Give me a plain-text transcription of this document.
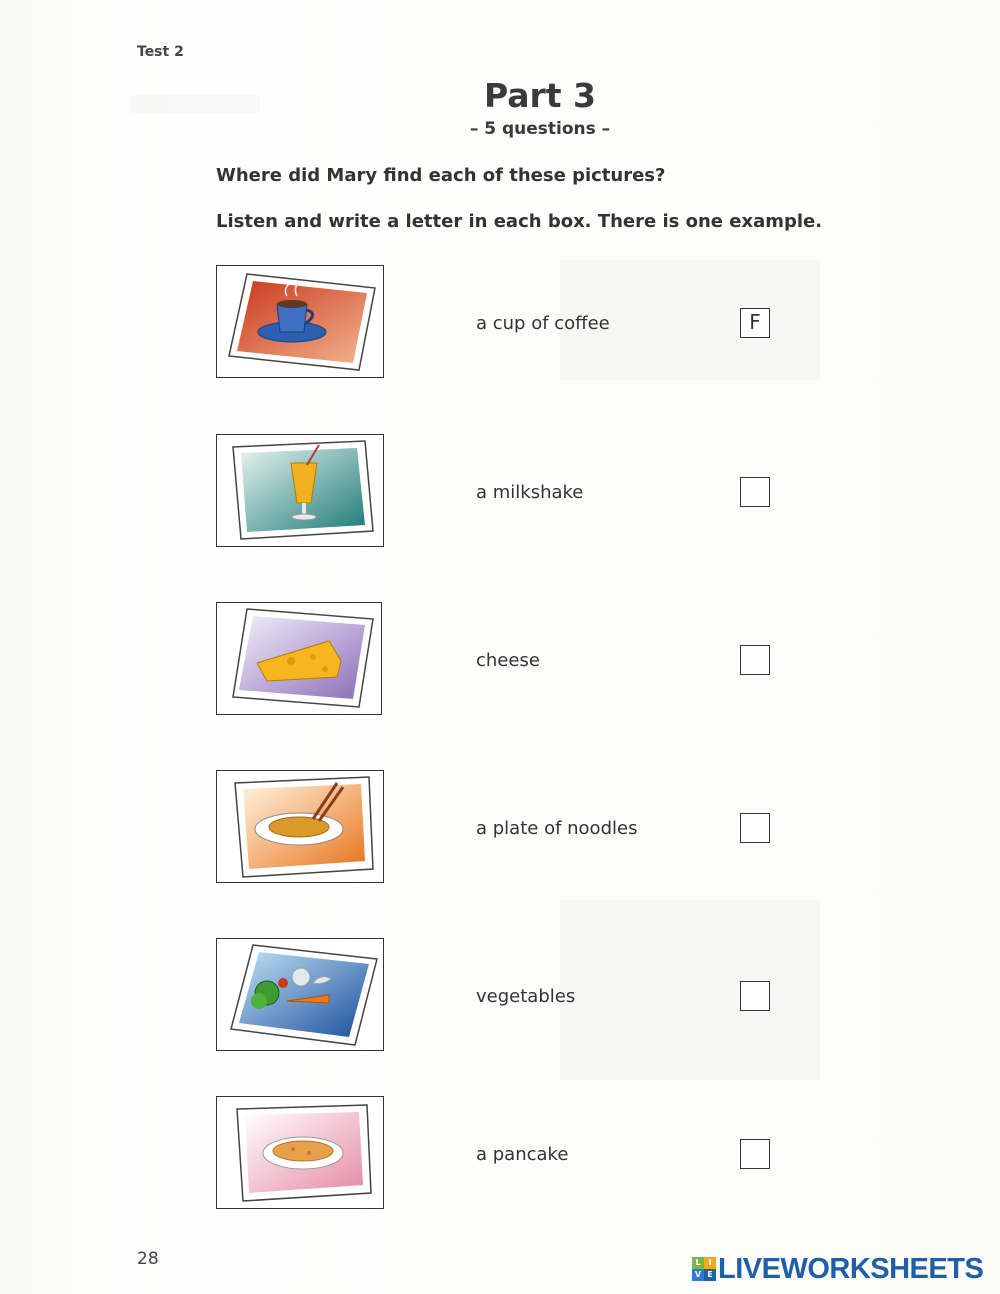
Test 2
Part 3
– 5 questions –
Where did Mary find each of these pictures?
Listen and write a letter in each box. There is one example.
a cup of coffee	F
a milkshake
cheese
a plate of noodles
vegetables
a pancake
28	L I
V E LIVEWORKSHEETS
